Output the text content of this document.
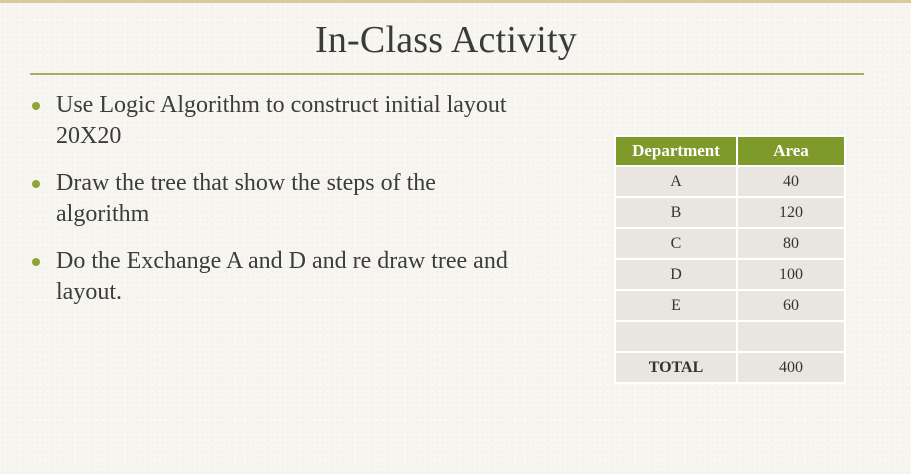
In-Class Activity
Use Logic Algorithm to construct initial layout 20X20
Draw the tree that show the steps of the algorithm
Do the Exchange A and D and re draw tree and layout.
Department	Area
A	40
B	120
C	80
D	100
E	60

TOTAL	400
